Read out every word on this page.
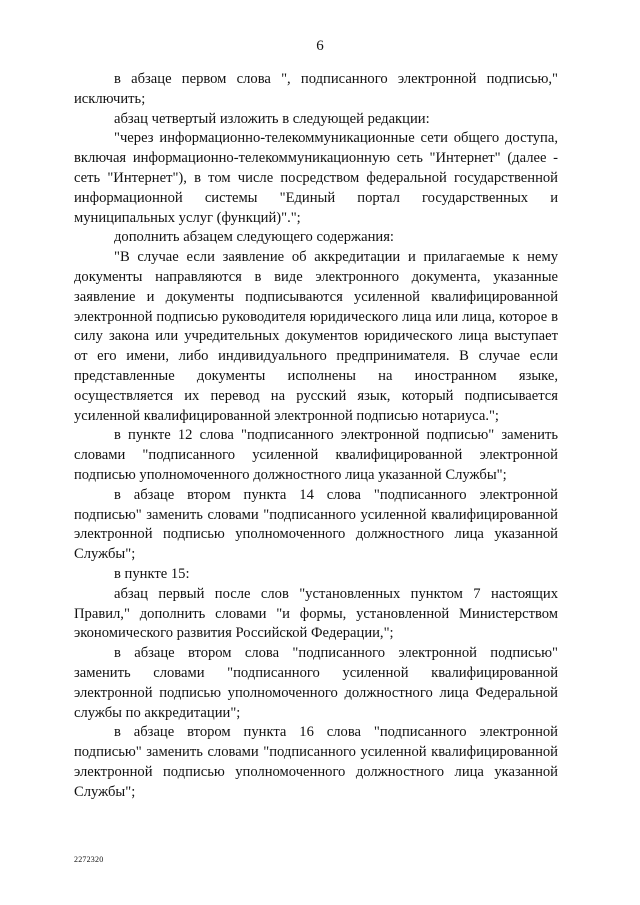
6

в абзаце первом слова ", подписанного электронной подписью," исключить;

абзац четвертый изложить в следующей редакции:

"через информационно-телекоммуникационные сети общего доступа, включая информационно-телекоммуникационную сеть "Интернет" (далее - сеть "Интернет"), в том числе посредством федеральной государственной информационной системы "Единый портал государственных и муниципальных услуг (функций)".";

дополнить абзацем следующего содержания:

"В случае если заявление об аккредитации и прилагаемые к нему документы направляются в виде электронного документа, указанные заявление и документы подписываются усиленной квалифицированной электронной подписью руководителя юридического лица или лица, которое в силу закона или учредительных документов юридического лица выступает от его имени, либо индивидуального предпринимателя. В случае если представленные документы исполнены на иностранном языке, осуществляется их перевод на русский язык, который подписывается усиленной квалифицированной электронной подписью нотариуса.";

в пункте 12 слова "подписанного электронной подписью" заменить словами "подписанного усиленной квалифицированной электронной подписью уполномоченного должностного лица указанной Службы";

в абзаце втором пункта 14 слова "подписанного электронной подписью" заменить словами "подписанного усиленной квалифицированной электронной подписью уполномоченного должностного лица указанной Службы";

в пункте 15:

абзац первый после слов "установленных пунктом 7 настоящих Правил," дополнить словами "и формы, установленной Министерством экономического развития Российской Федерации,";

в абзаце втором слова "подписанного электронной подписью" заменить словами "подписанного усиленной квалифицированной электронной подписью уполномоченного должностного лица Федеральной службы по аккредитации";

в абзаце втором пункта 16 слова "подписанного электронной подписью" заменить словами "подписанного усиленной квалифицированной электронной подписью уполномоченного должностного лица указанной Службы";

2272320
